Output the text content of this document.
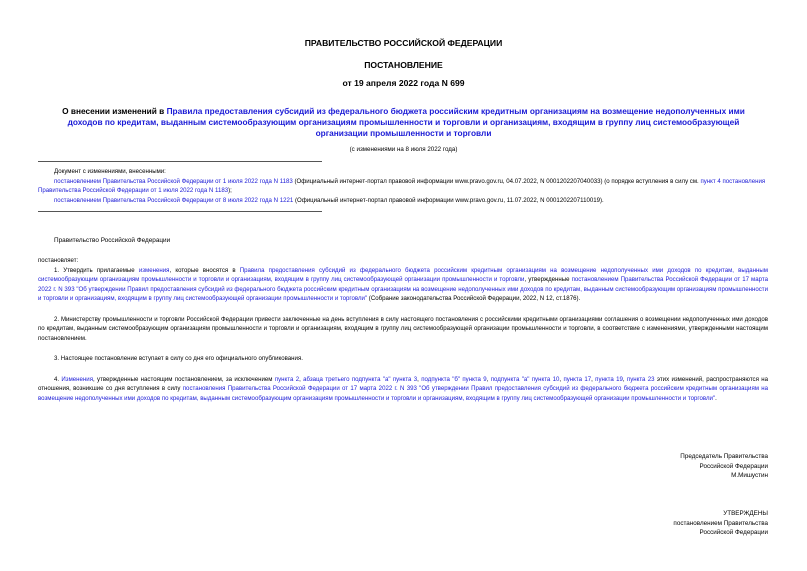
ПРАВИТЕЛЬСТВО РОССИЙСКОЙ ФЕДЕРАЦИИ
ПОСТАНОВЛЕНИЕ
от 19 апреля 2022 года N 699
О внесении изменений в Правила предоставления субсидий из федерального бюджета российским кредитным организациям на возмещение недополученных ими доходов по кредитам, выданным системообразующим организациям промышленности и торговли и организациям, входящим в группу лиц системообразующей организации промышленности и торговли
(с изменениями на 8 июля 2022 года)

Документ с изменениями, внесенными:

постановлением Правительства Российской Федерации от 1 июля 2022 года N 1183 (Официальный интернет-портал правовой информации www.pravo.gov.ru, 04.07.2022, N 0001202207040033) (о порядке вступления в силу см. пункт 4 постановления Правительства Российской Федерации от 1 июля 2022 года N 1183);

постановлением Правительства Российской Федерации от 8 июля 2022 года N 1221 (Официальный интернет-портал правовой информации www.pravo.gov.ru, 11.07.2022, N 0001202207110019).

Правительство Российской Федерации

постановляет:

1. Утвердить прилагаемые изменения, которые вносятся в Правила предоставления субсидий из федерального бюджета российским кредитным организациям на возмещение недополученных ими доходов по кредитам, выданным системообразующим организациям промышленности и торговли и организациям, входящим в группу лиц системообразующей организации промышленности и торговли, утвержденные постановлением Правительства Российской Федерации от 17 марта 2022 г. N 393 "Об утверждении Правил предоставления субсидий из федерального бюджета российским кредитным организациям на возмещение недополученных ими доходов по кредитам, выданным системообразующим организациям промышленности и торговли и организациям, входящим в группу лиц системообразующей организации промышленности и торговли" (Собрание законодательства Российской Федерации, 2022, N 12, ст.1876).

2. Министерству промышленности и торговли Российской Федерации привести заключенные на день вступления в силу настоящего постановления с российскими кредитными организациями соглашения о возмещении недополученных ими доходов по кредитам, выданным системообразующим организациям промышленности и торговли и организациям, входящим в группу лиц системообразующей организации промышленности и торговли, в соответствие с изменениями, утвержденными настоящим постановлением.

3. Настоящее постановление вступает в силу со дня его официального опубликования.

4. Изменения, утвержденные настоящим постановлением, за исключением пункта 2, абзаца третьего подпункта "а" пункта 3, подпункта "б" пункта 9, подпункта "а" пункта 10, пункта 17, пункта 19, пункта 23 этих изменений, распространяются на отношения, возникшие со дня вступления в силу постановления Правительства Российской Федерации от 17 марта 2022 г. N 393 "Об утверждении Правил предоставления субсидий из федерального бюджета российским кредитным организациям на возмещение недополученных ими доходов по кредитам, выданным системообразующим организациям промышленности и торговли и организациям, входящим в группу лиц системообразующей организации промышленности и торговли".

Председатель Правительства
Российской Федерации
М.Мишустин
УТВЕРЖДЕНЫ
постановлением Правительства
Российской Федерации
